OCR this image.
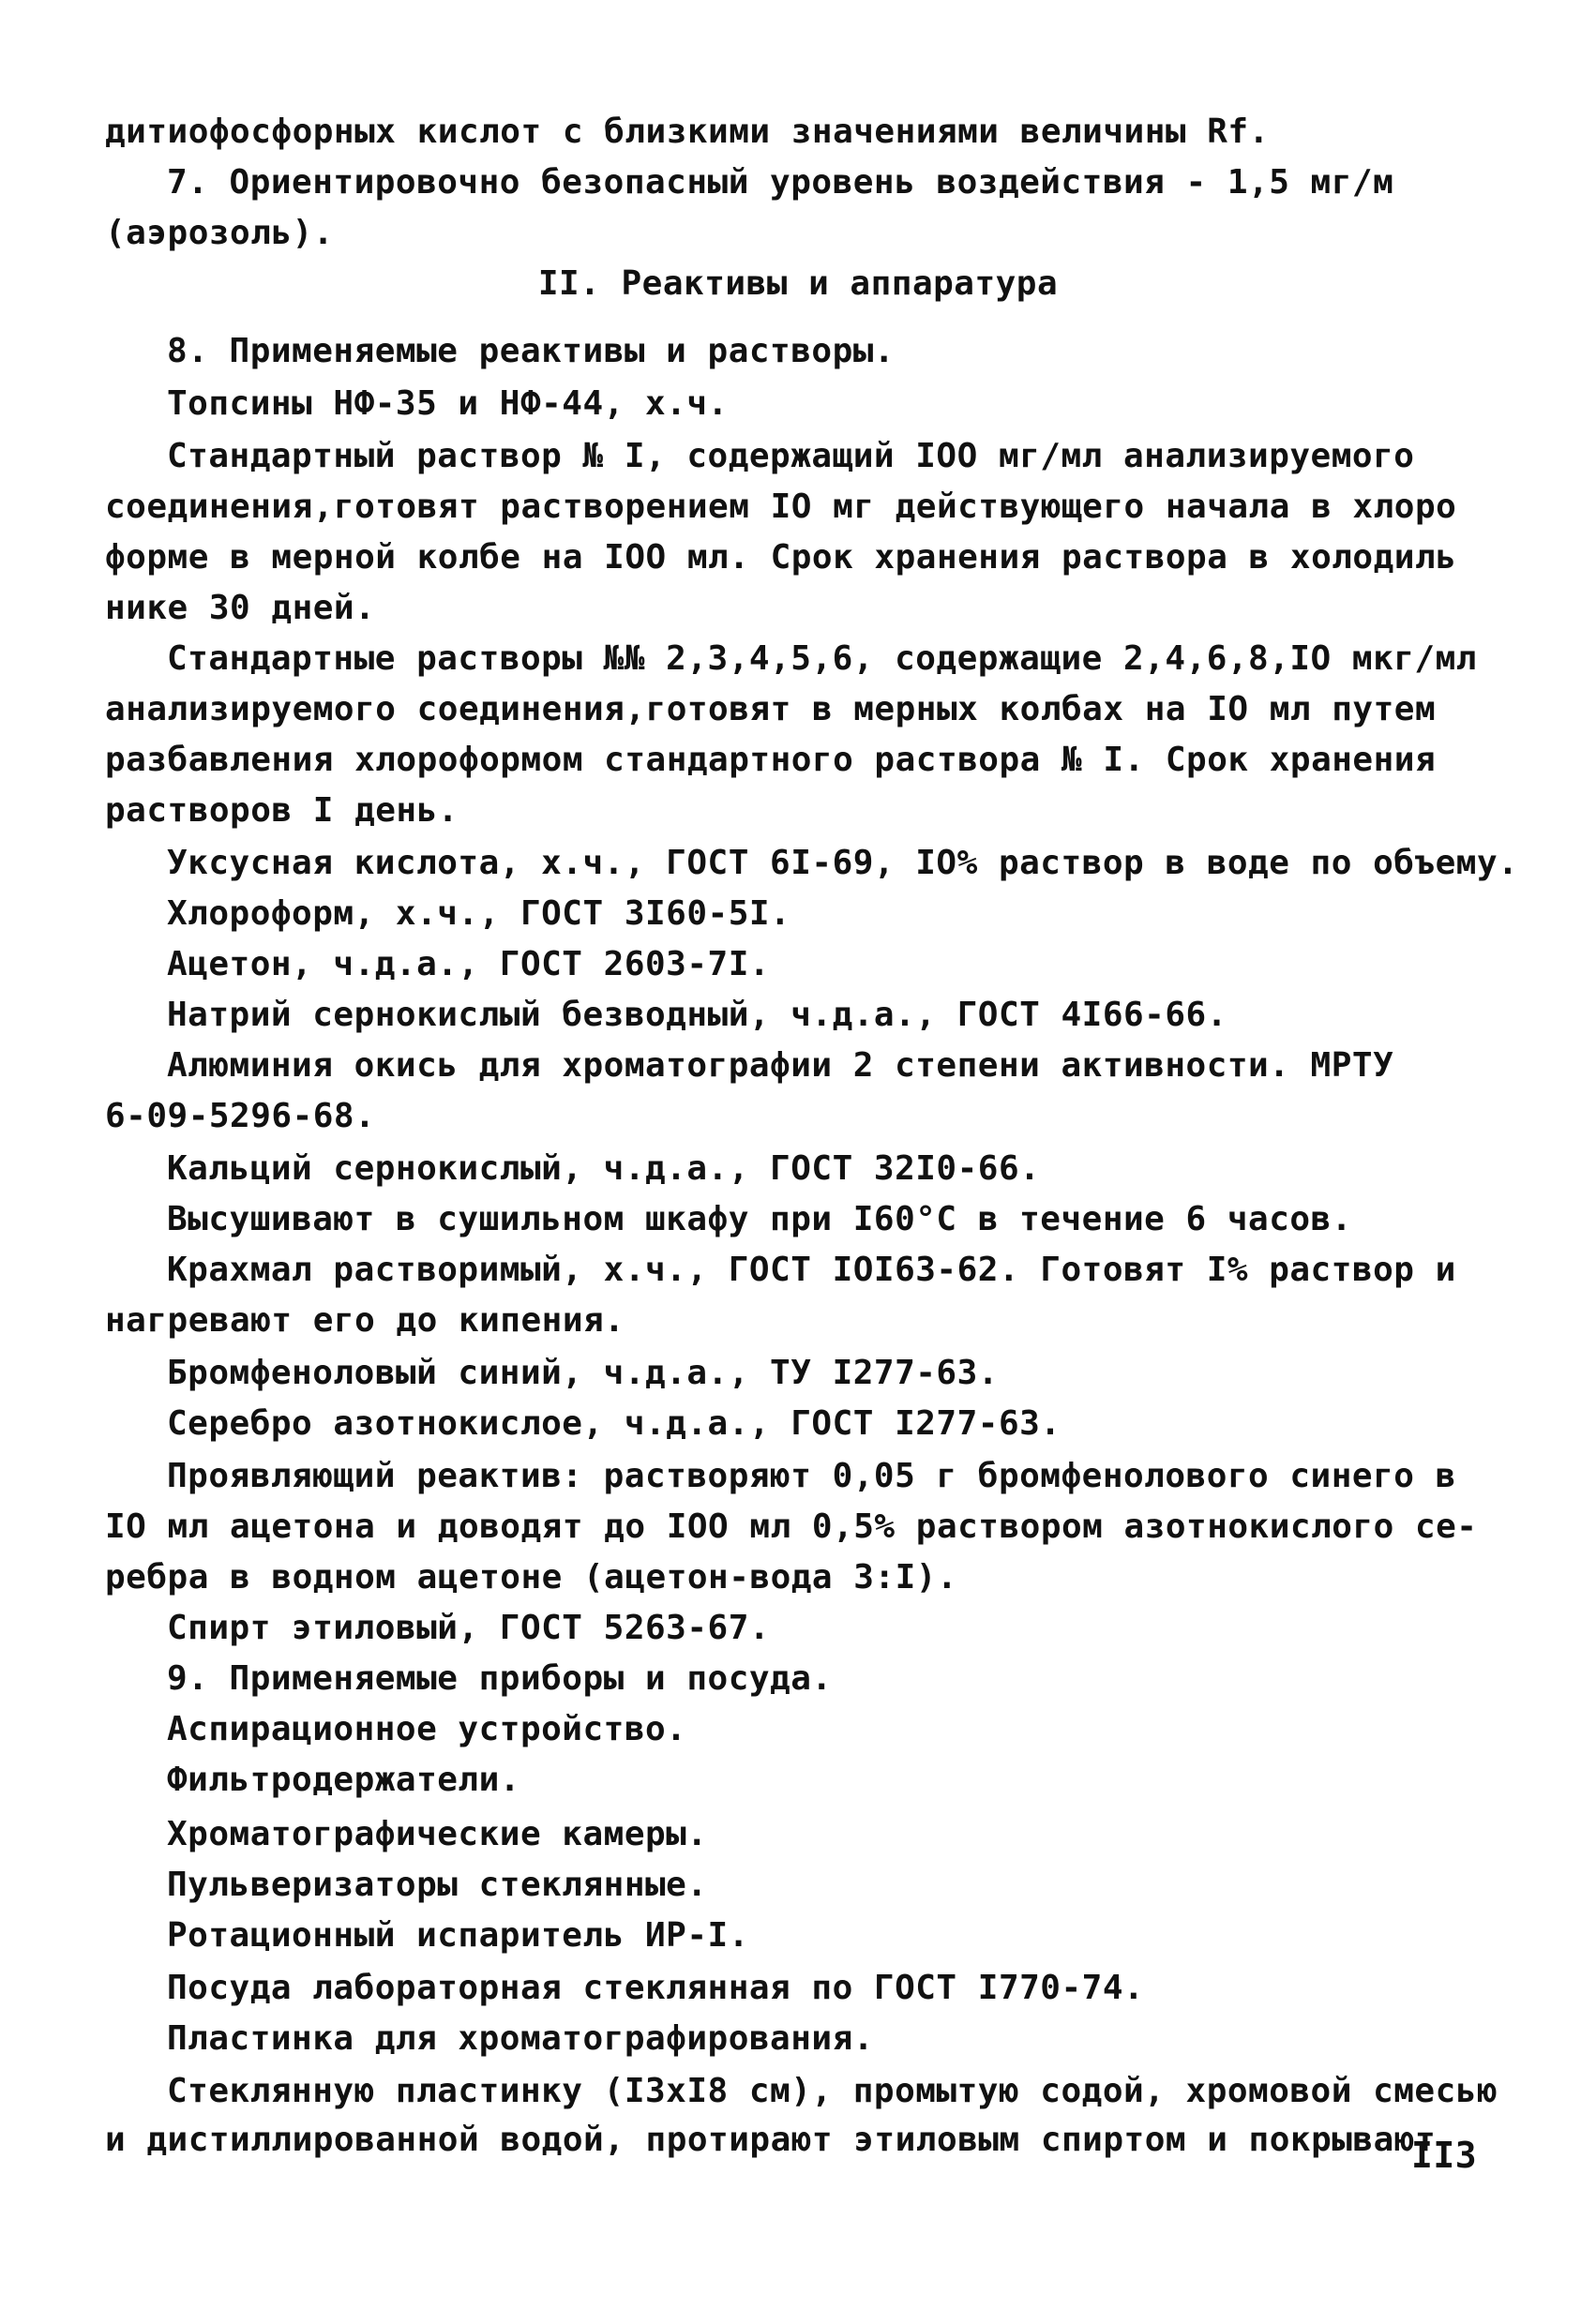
дитиофосфорных кислот с близкими значениями величины Rf.
7. Ориентировочно безопасный уровень воздействия - 1,5 мг/м
(аэрозоль).
II. Реактивы и аппаратура
8. Применяемые реактивы и растворы.
Топсины НФ-35 и НФ-44, х.ч.
Стандартный раствор № I, содержащий IOO мг/мл анализируемого
соединения,готовят растворением IO мг действующего начала в хлоро
форме в мерной колбе на IOO мл. Срок хранения раствора в холодиль
нике 30 дней.
Стандартные растворы №№ 2,3,4,5,6, содержащие 2,4,6,8,IO мкг/мл
анализируемого соединения,готовят в мерных колбах на IO мл путем
разбавления хлороформом стандартного раствора № I. Срок хранения
растворов I день.
Уксусная кислота, х.ч., ГОСТ 6I-69, IO% раствор в воде по объему.
Хлороформ, х.ч., ГОСТ 3I60-5I.
Ацетон, ч.д.а., ГОСТ 2603-7I.
Натрий сернокислый безводный, ч.д.а., ГОСТ 4I66-66.
Алюминия окись для хроматографии 2 степени активности. МРТУ
6-09-5296-68.
Кальций сернокислый, ч.д.а., ГОСТ 32I0-66.
Высушивают в сушильном шкафу при I60°С в течение 6 часов.
Крахмал растворимый, х.ч., ГОСТ IOI63-62. Готовят I% раствор и
нагревают его до кипения.
Бромфеноловый синий, ч.д.а., ТУ I277-63.
Серебро азотнокислое, ч.д.а., ГОСТ I277-63.
Проявляющий реактив: растворяют 0,05 г бромфенолового синего в
IO мл ацетона и доводят до IOO мл 0,5% раствором азотнокислого се-
ребра в водном ацетоне (ацетон-вода 3:I).
Спирт этиловый, ГОСТ 5263-67.
9. Применяемые приборы и посуда.
Аспирационное устройство.
Фильтродержатели.
Хроматографические камеры.
Пульверизаторы стеклянные.
Ротационный испаритель ИР-I.
Посуда лабораторная стеклянная по ГОСТ I770-74.
Пластинка для хроматографирования.
Стеклянную пластинку (I3хI8 см), промытую содой, хромовой смесью
и дистиллированной водой, протирают этиловым спиртом и покрывают
II3
